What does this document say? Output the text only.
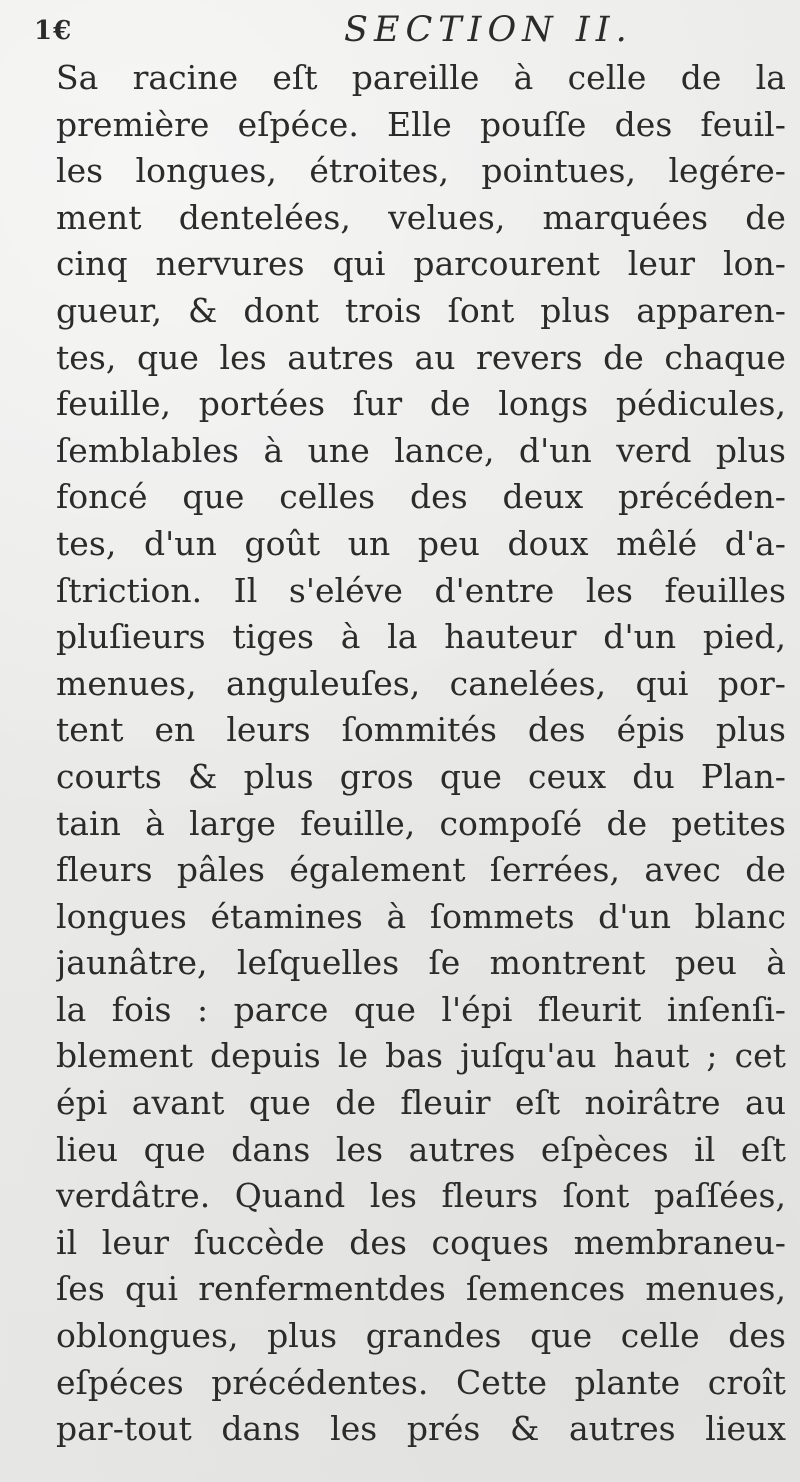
1€	SECTION II.
Sa racine eſt pareille à celle de la
première eſpéce. Elle pouſſe des feuil-
les longues, étroites, pointues, legére-
ment dentelées, velues, marquées de
cinq nervures qui parcourent leur lon-
gueur, & dont trois ſont plus apparen-
tes, que les autres au revers de chaque
feuille, portées ſur de longs pédicules,
ſemblables à une lance, d'un verd plus
foncé que celles des deux précéden-
tes, d'un goût un peu doux mêlé d'a-
ſtriction. Il s'eléve d'entre les feuilles
pluſieurs tiges à la hauteur d'un pied,
menues, anguleuſes, canelées, qui por-
tent en leurs ſommités des épis plus
courts & plus gros que ceux du Plan-
tain à large feuille, compoſé de petites
fleurs pâles également ſerrées, avec de
longues étamines à ſommets d'un blanc
jaunâtre, leſquelles ſe montrent peu à
la fois : parce que l'épi fleurit inſenſi-
blement depuis le bas juſqu'au haut ; cet
épi avant que de fleuir eſt noirâtre au
lieu que dans les autres eſpèces il eſt
verdâtre. Quand les fleurs ſont paſſées,
il leur ſuccède des coques membraneu-
ſes qui renfermentdes ſemences menues,
oblongues, plus grandes que celle des
eſpéces précédentes. Cette plante croît
par-tout dans les prés & autres lieux
